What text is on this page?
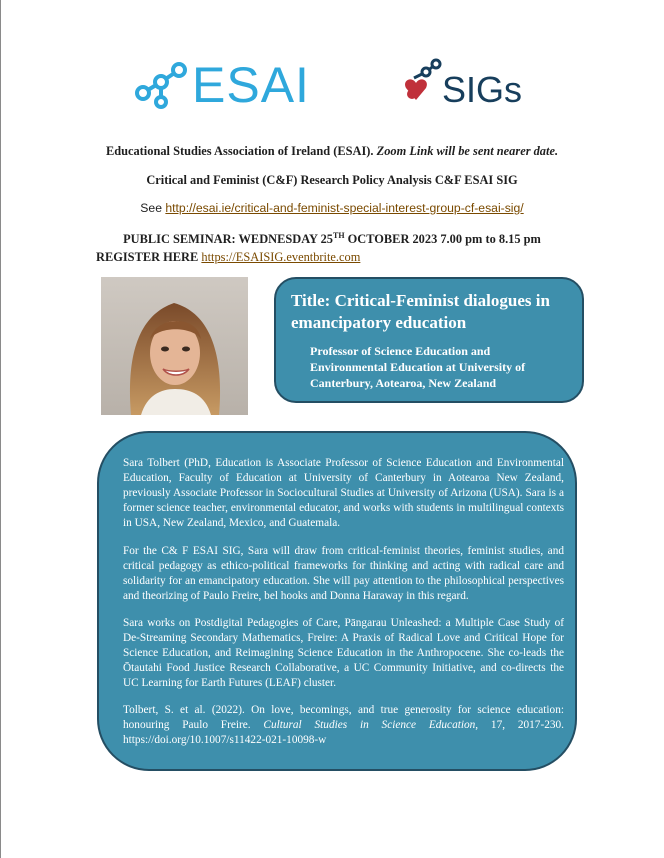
ESAI	SIGs
Educational Studies Association of Ireland (ESAI). Zoom Link will be sent nearer date.
Critical and Feminist (C&F) Research Policy Analysis C&F ESAI SIG
See http://esai.ie/critical-and-feminist-special-interest-group-cf-esai-sig/
PUBLIC SEMINAR: WEDNESDAY 25TH OCTOBER 2023 7.00 pm to 8.15 pm
REGISTER HERE https://ESAISIG.eventbrite.com
Title: Critical-Feminist dialogues in emancipatory education
Professor of Science Education and Environmental Education at University of Canterbury, Aotearoa, New Zealand

Sara Tolbert (PhD, Education is Associate Professor of Science Education and Environmental Education, Faculty of Education at University of Canterbury in Aotearoa New Zealand, previously Associate Professor in Sociocultural Studies at University of Arizona (USA). Sara is a former science teacher, environmental educator, and works with students in multilingual contexts in USA, New Zealand, Mexico, and Guatemala.

For the C& F ESAI SIG, Sara will draw from critical-feminist theories, feminist studies, and critical pedagogy as ethico-political frameworks for thinking and acting with radical care and solidarity for an emancipatory education. She will pay attention to the philosophical perspectives and theorizing of Paulo Freire, bel hooks and Donna Haraway in this regard.

Sara works on Postdigital Pedagogies of Care, Pāngarau Unleashed: a Multiple Case Study of De-Streaming Secondary Mathematics, Freire: A Praxis of Radical Love and Critical Hope for Science Education, and Reimagining Science Education in the Anthropocene. She co-leads the Ōtautahi Food Justice Research Collaborative, a UC Community Initiative, and co-directs the UC Learning for Earth Futures (LEAF) cluster.

Tolbert, S. et al. (2022). On love, becomings, and true generosity for science education: honouring Paulo Freire. Cultural Studies in Science Education, 17, 2017-230. https://doi.org/10.1007/s11422-021-10098-w
